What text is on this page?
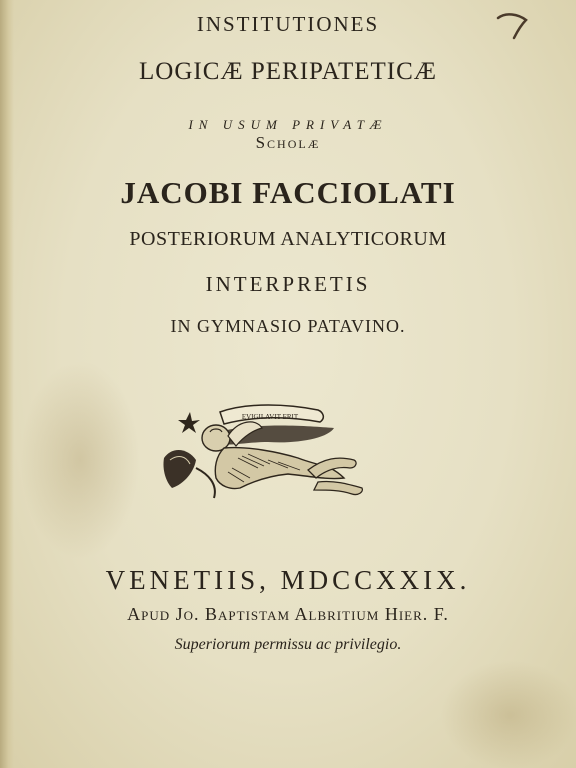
INSTITUTIONES
LOGICÆ PERIPATETICÆ
IN USUM PRIVATÆ
Scholæ
JACOBI FACCIOLATI
POSTERIORUM ANALYTICORUM
INTERPRETIS
IN GYMNASIO PATAVINO.
EVIGILAVIT ERIT
VENETIIS, MDCCXXIX.
Apud Jo. Baptistam Albritium Hier. F.
Superiorum permissu ac privilegio.
